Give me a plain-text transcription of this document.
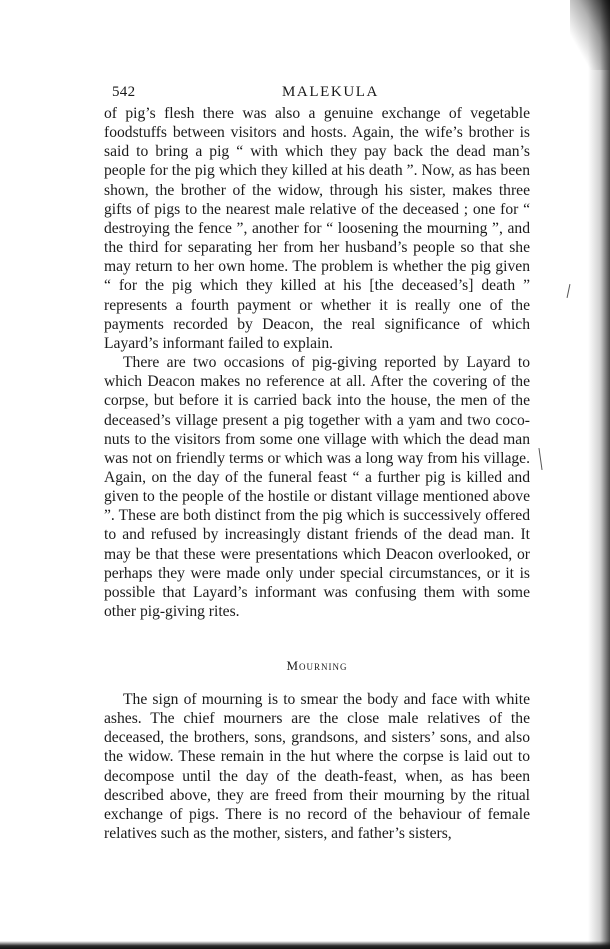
542	MALEKULA

of pig’s flesh there was also a genuine exchange of vegetable foodstuffs between visitors and hosts. Again, the wife’s brother is said to bring a pig “ with which they pay back the dead man’s people for the pig which they killed at his death ”. Now, as has been shown, the brother of the widow, through his sister, makes three gifts of pigs to the nearest male relative of the deceased ; one for “ destroying the fence ”, another for “ loosening the mourning ”, and the third for separating her from her husband’s people so that she may return to her own home. The problem is whether the pig given “ for the pig which they killed at his [the deceased’s] death ” represents a fourth payment or whether it is really one of the payments recorded by Deacon, the real significance of which Layard’s informant failed to explain.

There are two occasions of pig-giving reported by Layard to which Deacon makes no reference at all. After the covering of the corpse, but before it is carried back into the house, the men of the deceased’s village present a pig together with a yam and two coco-nuts to the visitors from some one village with which the dead man was not on friendly terms or which was a long way from his village. Again, on the day of the funeral feast “ a further pig is killed and given to the people of the hostile or distant village mentioned above ”. These are both distinct from the pig which is successively offered to and refused by increasingly distant friends of the dead man. It may be that these were presentations which Deacon overlooked, or perhaps they were made only under special circumstances, or it is possible that Layard’s informant was confusing them with some other pig-giving rites.

Mourning

The sign of mourning is to smear the body and face with white ashes. The chief mourners are the close male relatives of the deceased, the brothers, sons, grandsons, and sisters’ sons, and also the widow. These remain in the hut where the corpse is laid out to decompose until the day of the death-feast, when, as has been described above, they are freed from their mourning by the ritual exchange of pigs. There is no record of the behaviour of female relatives such as the mother, sisters, and father’s sisters,
